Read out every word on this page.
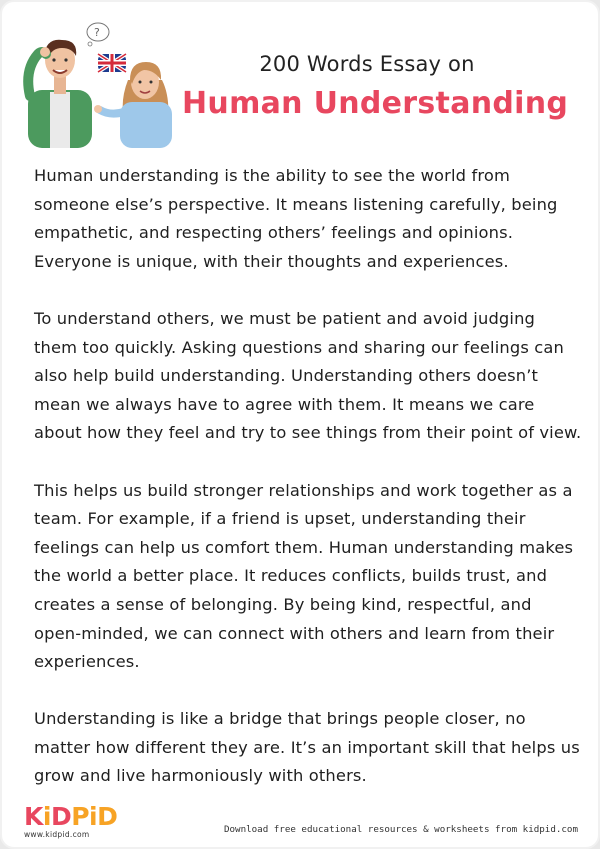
?
200 Words Essay on
Human Understanding

Human understanding is the ability to see the world from someone else’s perspective. It means listening carefully, being empathetic, and respecting others’ feelings and opinions. Everyone is unique, with their thoughts and experiences.

To understand others, we must be patient and avoid judging them too quickly. Asking questions and sharing our feelings can also help build understanding. Understanding others doesn’t mean we always have to agree with them. It means we care about how they feel and try to see things from their point of view.

This helps us build stronger relationships and work together as a team. For example, if a friend is upset, understanding their feelings can help us comfort them. Human understanding makes the world a better place. It reduces conflicts, builds trust, and creates a sense of belonging. By being kind, respectful, and open-minded, we can connect with others and learn from their experiences.

Understanding is like a bridge that brings people closer, no matter how different they are. It’s an important skill that helps us grow and live harmoniously with others.

KiDPiD
www.kidpid.com	Download free educational resources & worksheets from kidpid.com
